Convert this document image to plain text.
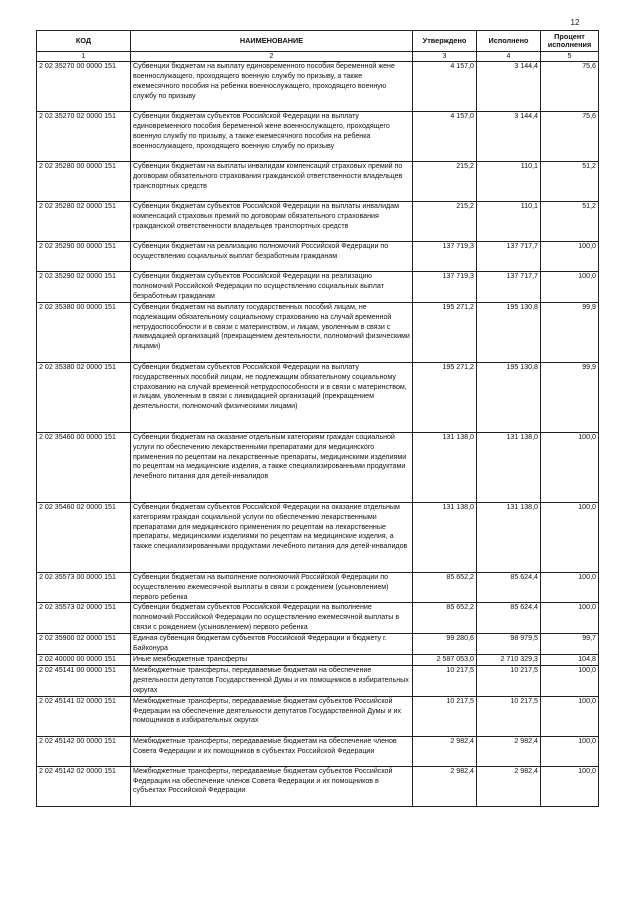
12
КОД	НАИМЕНОВАНИЕ	Утверждено	Исполнено	Процент исполнения
1	2	3	4	5
2 02 35270 00 0000 151	Субвенции бюджетам на выплату единовременного пособия беременной жене военнослужащего, проходящего военную службу по призыву, а также ежемесячного пособия на ребенка военнослужащего, проходящего военную службу по призыву	4 157,0	3 144,4	75,6
2 02 35270 02 0000 151	Субвенции бюджетам субъектов Российской Федерации на выплату единовременного пособия беременной жене военнослужащего, проходящего военную службу по призыву, а также ежемесячного пособия на ребенка военнослужащего, проходящего военную службу по призыву	4 157,0	3 144,4	75,6
2 02 35280 00 0000 151	Субвенции бюджетам на выплаты инвалидам компенсаций страховых премий по договорам обязательного страхования гражданской ответственности владельцев транспортных средств	215,2	110,1	51,2
2 02 35280 02 0000 151	Субвенции бюджетам субъектов Российской Федерации на выплаты инвалидам компенсаций страховых премий по договорам обязательного страхования гражданской ответственности владельцев транспортных средств	215,2	110,1	51,2
2 02 35290 00 0000 151	Субвенции бюджетам на реализацию полномочий Российской Федерации по осуществлению социальных выплат безработным гражданам	137 719,3	137 717,7	100,0
2 02 35290 02 0000 151	Субвенции бюджетам субъектов Российской Федерации на реализацию полномочий Российской Федерации по осуществлению социальных выплат безработным гражданам	137 719,3	137 717,7	100,0
2 02 35380 00 0000 151	Субвенции бюджетам на выплату государственных пособий лицам, не подлежащим обязательному социальному страхованию на случай временной нетрудоспособности и в связи с материнством, и лицам, уволенным в связи с ликвидацией организаций (прекращением деятельности, полномочий физическими лицами)	195 271,2	195 130,8	99,9
2 02 35380 02 0000 151	Субвенции бюджетам субъектов Российской Федерации на выплату государственных пособий лицам, не подлежащим обязательному социальному страхованию на случай временной нетрудоспособности и в связи с материнством, и лицам, уволенным в связи с ликвидацией организаций (прекращением деятельности, полномочий физическими лицами)	195 271,2	195 130,8	99,9
2 02 35460 00 0000 151	Субвенции бюджетам на оказание отдельным категориям граждан социальной услуги по обеспечению лекарственными препаратами для медицинского применения по рецептам на лекарственные препараты, медицинскими изделиями по рецептам на медицинские изделия, а также специализированными продуктами лечебного питания для детей-инвалидов	131 138,0	131 138,0	100,0
2 02 35460 02 0000 151	Субвенции бюджетам субъектов Российской Федерации на оказание отдельным категориям граждан социальной услуги по обеспечению лекарственными препаратами для медицинского применения по рецептам на лекарственные препараты, медицинскими изделиями по рецептам на медицинские изделия, а также специализированными продуктами лечебного питания для детей-инвалидов	131 138,0	131 138,0	100,0
2 02 35573 00 0000 151	Субвенции бюджетам на выполнение полномочий Российской Федерации по осуществлению ежемесячной выплаты в связи с рождением (усыновлением) первого ребенка	85 652,2	85 624,4	100,0
2 02 35573 02 0000 151	Субвенции бюджетам субъектов Российской Федерации на выполнение полномочий Российской Федерации по осуществлению ежемесячной выплаты в связи с рождением (усыновлением) первого ребенка	85 652,2	85 624,4	100,0
2 02 35900 02 0000 151	Единая субвенция бюджетам субъектов Российской Федерации и бюджету г. Байконура	99 280,6	98 979,5	99,7
2 02 40000 00 0000 151	Иные межбюджетные трансферты	2 587 053,0	2 710 329,3	104,8
2 02 45141 00 0000 151	Межбюджетные трансферты, передаваемые бюджетам на обеспечение деятельности депутатов Государственной Думы и их помощников в избирательных округах	10 217,5	10 217,5	100,0
2 02 45141 02 0000 151	Межбюджетные трансферты, передаваемые бюджетам субъектов Российской Федерации на обеспечение деятельности депутатов Государственной Думы и их помощников в избирательных округах	10 217,5	10 217,5	100,0
2 02 45142 00 0000 151	Межбюджетные трансферты, передаваемые бюджетам на обеспечение членов Совета Федерации и их помощников в субъектах Российской Федерации	2 982,4	2 982,4	100,0
2 02 45142 02 0000 151	Межбюджетные трансферты, передаваемые бюджетам субъектов Российской Федерации на обеспечение членов Совета Федерации и их помощников в субъектах Российской Федерации	2 982,4	2 982,4	100,0
